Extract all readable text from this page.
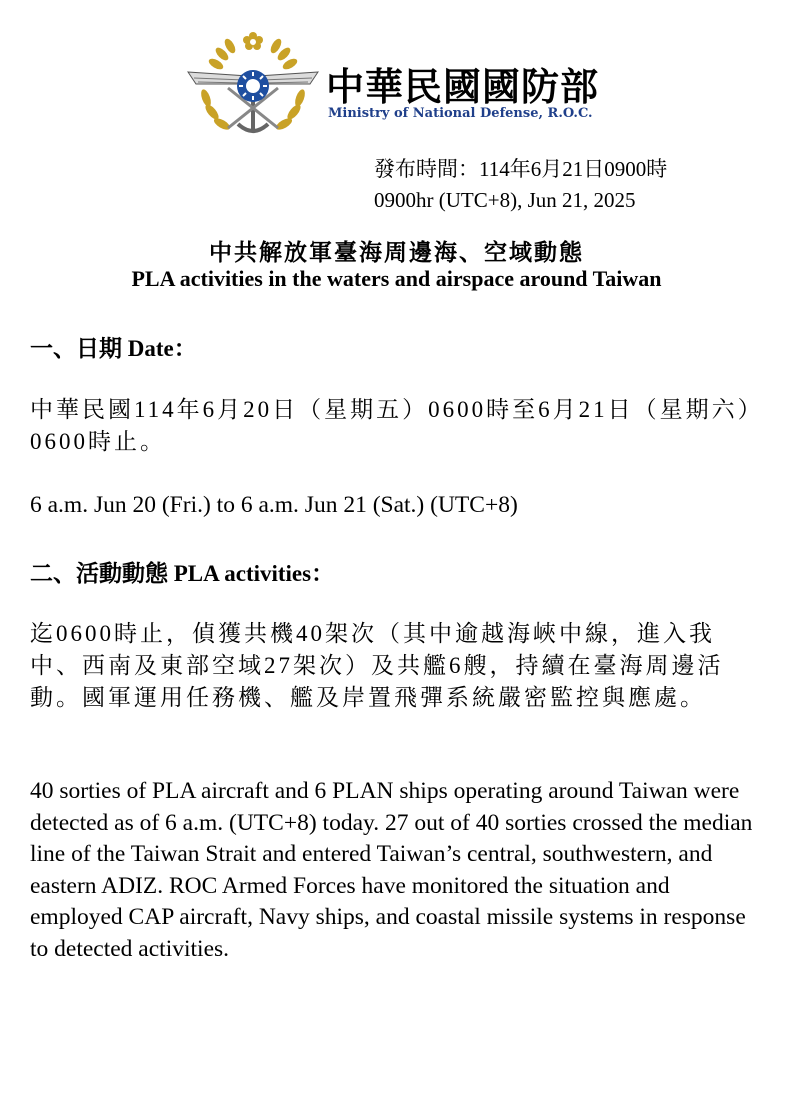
中華民國國防部
Ministry of National Defense, R.O.C.
發布時間：114年6月21日0900時
0900hr (UTC+8), Jun 21, 2025
中共解放軍臺海周邊海、空域動態
PLA activities in the waters and airspace around Taiwan
一、日期 Date：
中華民國114年6月20日（星期五）0600時至6月21日（星期六）0600時止。
6 a.m. Jun 20 (Fri.) to 6 a.m. Jun 21 (Sat.) (UTC+8)
二、活動動態 PLA activities：
迄0600時止，偵獲共機40架次（其中逾越海峽中線，進入我中、西南及東部空域27架次）及共艦6艘，持續在臺海周邊活動。國軍運用任務機、艦及岸置飛彈系統嚴密監控與應處。
40 sorties of PLA aircraft and 6 PLAN ships operating around Taiwan were detected as of 6 a.m. (UTC+8) today. 27 out of 40 sorties crossed the median line of the Taiwan Strait and entered Taiwan’s central, southwestern, and eastern ADIZ. ROC Armed Forces have monitored the situation and employed CAP aircraft, Navy ships, and coastal missile systems in response to detected activities.
